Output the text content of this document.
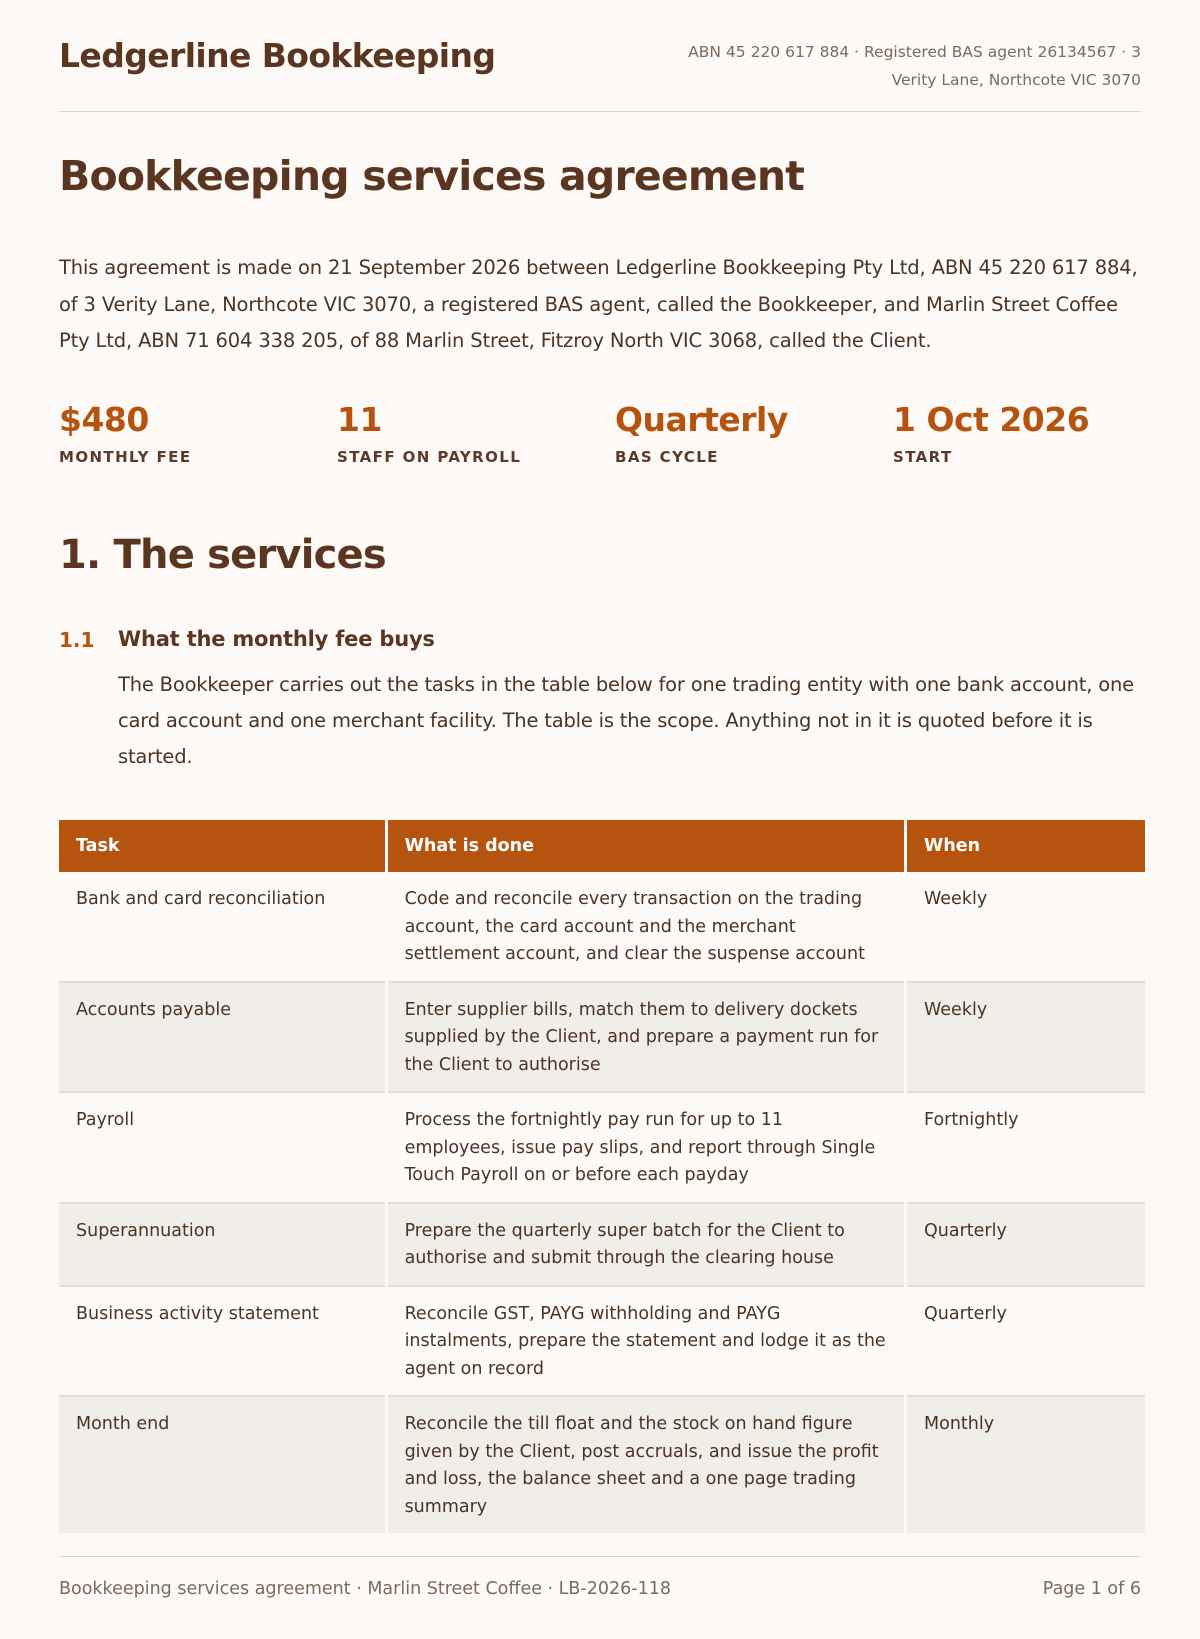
Ledgerline Bookkeeping	ABN 45 220 617 884 · Registered BAS agent 26134567 · 3
Verity Lane, Northcote VIC 3070
Bookkeeping services agreement

This agreement is made on 21 September 2026 between Ledgerline Bookkeeping Pty Ltd, ABN 45 220 617 884, of 3 Verity Lane, Northcote VIC 3070, a registered BAS agent, called the Bookkeeper, and Marlin Street Coffee Pty Ltd, ABN 71 604 338 205, of 88 Marlin Street, Fitzroy North VIC 3068, called the Client.

$480
MONTHLY FEE
11
STAFF ON PAYROLL
Quarterly
BAS CYCLE
1 Oct 2026
START
1. The services
1.1 What the monthly fee buys

The Bookkeeper carries out the tasks in the table below for one trading entity with one bank account, one card account and one merchant facility. The table is the scope. Anything not in it is quoted before it is started.

Task	What is done	When
Bank and card reconciliation	Code and reconcile every transaction on the trading account, the card account and the merchant settlement account, and clear the suspense account	Weekly
Accounts payable	Enter supplier bills, match them to delivery dockets supplied by the Client, and prepare a payment run for the Client to authorise	Weekly
Payroll	Process the fortnightly pay run for up to 11 employees, issue pay slips, and report through Single Touch Payroll on or before each payday	Fortnightly
Superannuation	Prepare the quarterly super batch for the Client to authorise and submit through the clearing house	Quarterly
Business activity statement	Reconcile GST, PAYG withholding and PAYG instalments, prepare the statement and lodge it as the agent on record	Quarterly
Month end	Reconcile the till float and the stock on hand figure given by the Client, post accruals, and issue the profit and loss, the balance sheet and a one page trading summary	Monthly
Bookkeeping services agreement · Marlin Street Coffee · LB-2026-118	Page 1 of 6
